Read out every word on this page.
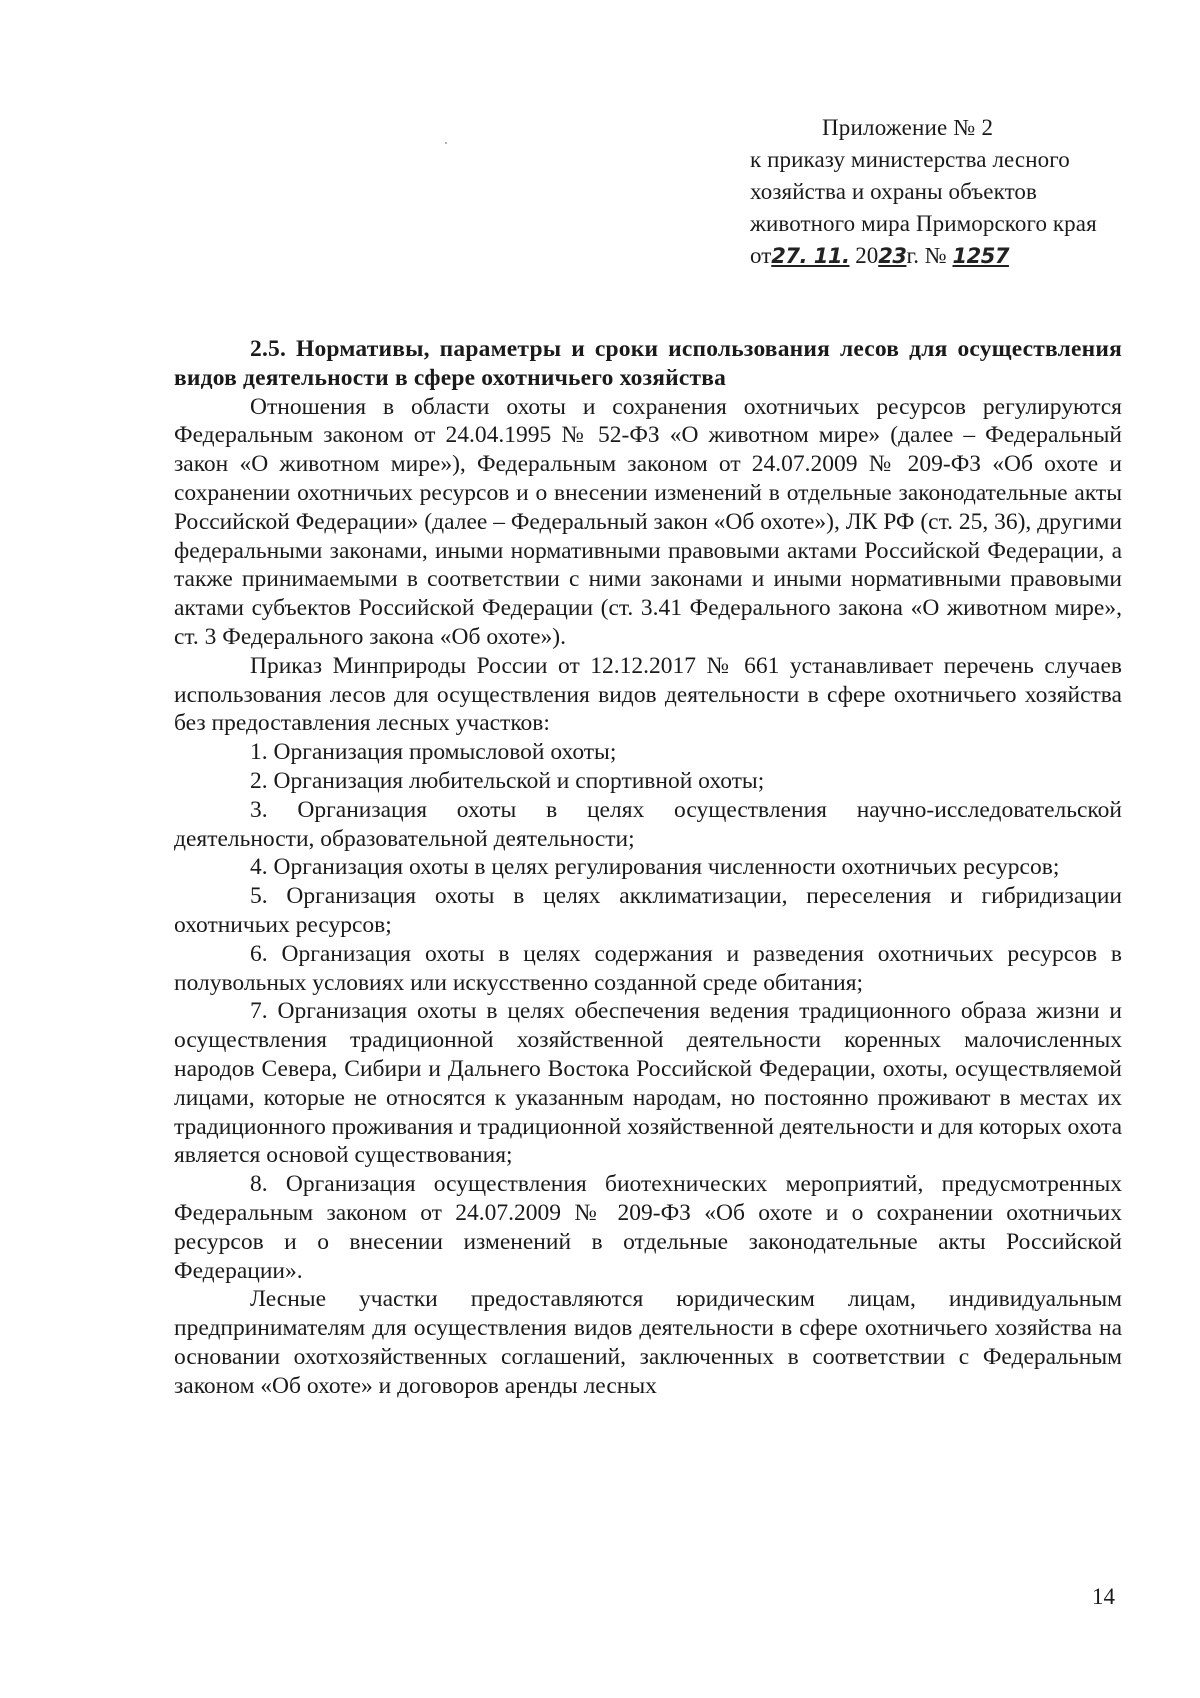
Приложение № 2
к приказу министерства лесного
хозяйства и охраны объектов
животного мира Приморского края
от27. 11. 2023г. № 1257

2.5. Нормативы, параметры и сроки использования лесов для осуществления видов деятельности в сфере охотничьего хозяйства

Отношения в области охоты и сохранения охотничьих ресурсов регулируются Федеральным законом от 24.04.1995 № 52-ФЗ «О животном мире» (далее – Федеральный закон «О животном мире»), Федеральным законом от 24.07.2009 № 209-ФЗ «Об охоте и сохранении охотничьих ресурсов и о внесении изменений в отдельные законодательные акты Российской Федерации» (далее – Федеральный закон «Об охоте»), ЛК РФ (ст. 25, 36), другими федеральными законами, иными нормативными правовыми актами Российской Федерации, а также принимаемыми в соответствии с ними законами и иными нормативными правовыми актами субъектов Российской Федерации (ст. 3.41 Федерального закона «О животном мире», ст. 3 Федерального закона «Об охоте»).

Приказ Минприроды России от 12.12.2017 № 661 устанавливает перечень случаев использования лесов для осуществления видов деятельности в сфере охотничьего хозяйства без предоставления лесных участков:

1. Организация промысловой охоты;

2. Организация любительской и спортивной охоты;

3. Организация охоты в целях осуществления научно-исследовательской деятельности, образовательной деятельности;

4. Организация охоты в целях регулирования численности охотничьих ресурсов;

5. Организация охоты в целях акклиматизации, переселения и гибридизации охотничьих ресурсов;

6. Организация охоты в целях содержания и разведения охотничьих ресурсов в полувольных условиях или искусственно созданной среде обитания;

7. Организация охоты в целях обеспечения ведения традиционного образа жизни и осуществления традиционной хозяйственной деятельности коренных малочисленных народов Севера, Сибири и Дальнего Востока Российской Федерации, охоты, осуществляемой лицами, которые не относятся к указанным народам, но постоянно проживают в местах их традиционного проживания и традиционной хозяйственной деятельности и для которых охота является основой существования;

8. Организация осуществления биотехнических мероприятий, предусмотренных Федеральным законом от 24.07.2009 № 209-ФЗ «Об охоте и о сохранении охотничьих ресурсов и о внесении изменений в отдельные законодательные акты Российской Федерации».

Лесные участки предоставляются юридическим лицам, индивидуальным предпринимателям для осуществления видов деятельности в сфере охотничьего хозяйства на основании охотхозяйственных соглашений, заключенных в соответствии с Федеральным законом «Об охоте» и договоров аренды лесных

14
